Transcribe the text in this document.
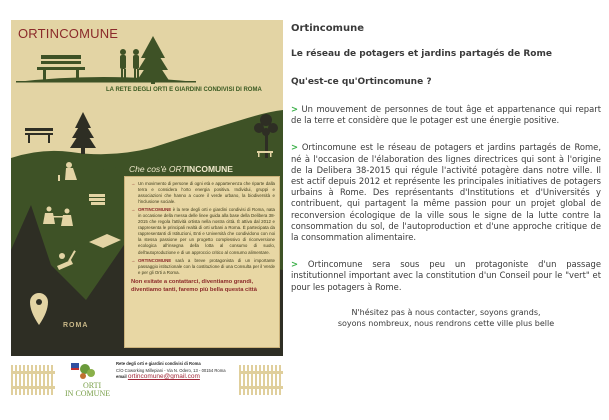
ORTINCOMUNE
LA RETE DEGLI ORTI E GIARDINI CONDIVISI DI ROMA
Che cos'è ORTINCOMUNE

→ Un movimento di persone di ogni età e appartenenza che riparte dalla terra e considera l'orto energia positiva. Individui, gruppi e associazioni che hanno a cuore il verde urbano, la biodiversità e l'inclusione sociale.

→ ORTINCOMUNE è la rete degli orti e giardini condivisi di Roma, nata in occasione della messa delle linee guida alla base della Delibera 38-2015 che regola l'attività ortista nella nostra città. È attiva dal 2012 e rappresenta le principali realtà di orti urbani a Roma. È partecipata da rappresentanti di Istituzioni, Enti e Università che condividono con noi la stessa passione per un progetto complessivo di riconversione ecologica all'insegna della lotta al consumo di suolo, dell'autoproduzione e di un approccio critico al consumo alimentare.

→ ORTINCOMUNE sarà a breve protagonista di un importante passaggio istituzionale con la costituzione di una Consulta per il Verde e per gli Orti a Roma.

Non esitate a contattarci, diventiamo grandi, diventiamo tanti, faremo più bella questa città

ROMA
ORTI
IN COMUNE
Rete degli orti e giardini condivisi di Roma
C/O Coworking Millepiani - Via N. Odero, 13 - 00154 Roma
email ortincomune@gmail.com

Ortincomune

Le réseau de potagers et jardins partagés de Rome

Qu'est-ce qu'Ortincomune ?

> Un mouvement de personnes de tout âge et appartenance qui repart de la terre et considère que le potager est une énergie positive.

> Ortincomune est le réseau de potagers et jardins partagés de Rome, né à l'occasion de l'élaboration des lignes directrices qui sont à l'origine de la Delibera 38-2015 qui régule l'activité potagère dans notre ville. Il est actif depuis 2012 et représente les principales initiatives de potagers urbains à Rome. Des représentants d'Institutions et d'Universités y contribuent, qui partagent la même passion pour un projet global de reconversion écologique de la ville sous le signe de la lutte contre la consommation du sol, de l'autoproduction et d'une approche critique de la consommation alimentaire.

> Ortincomune sera sous peu un protagoniste d'un passage institutionnel important avec la constitution d'un Conseil pour le "vert" et pour les potagers à Rome.

N'hésitez pas à nous contacter, soyons grands,

soyons nombreux, nous rendrons cette ville plus belle
